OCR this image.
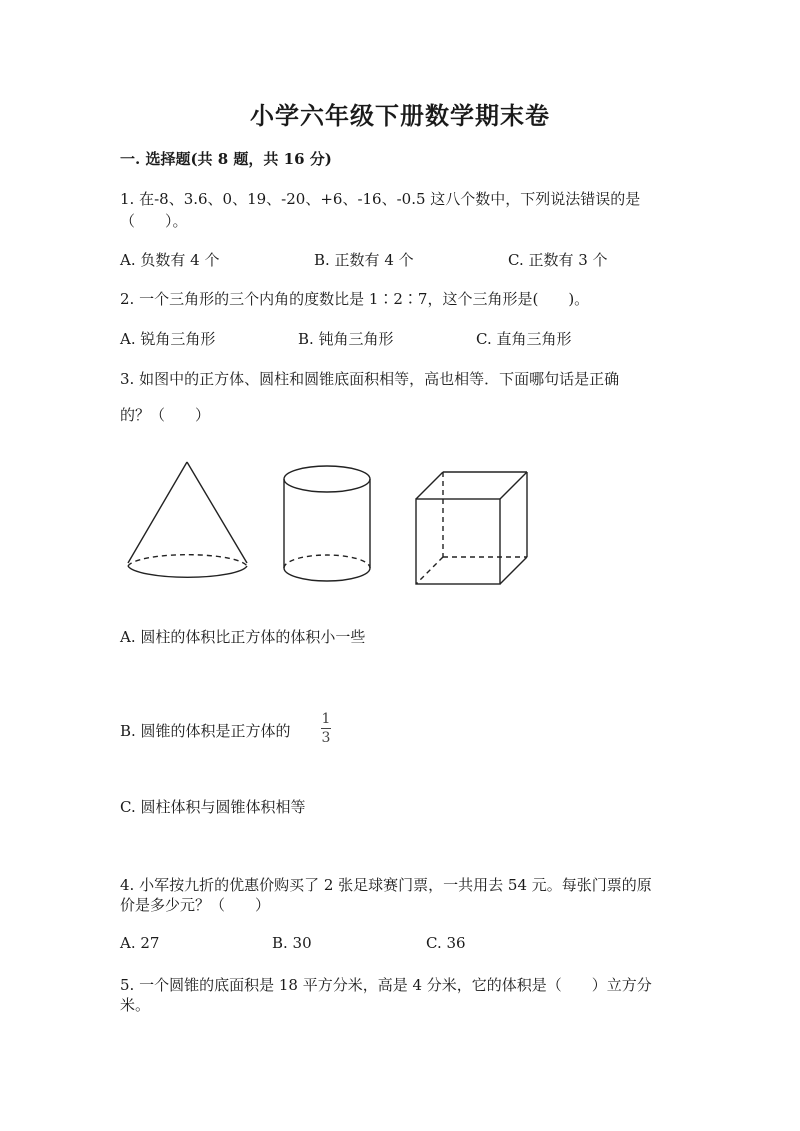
小学六年级下册数学期末卷
一. 选择题(共 8 题，共 16 分)
1. 在-8、3.6、0、19、-20、+6、-16、-0.5 这八个数中，下列说法错误的是
（　　）。
A. 负数有 4 个	B. 正数有 4 个	C. 正数有 3 个
2. 一个三角形的三个内角的度数比是 1∶2∶7，这个三角形是(　　)。
A. 锐角三角形	B. 钝角三角形	C. 直角三角形
3. 如图中的正方体、圆柱和圆锥底面积相等，高也相等．下面哪句话是正确
的？（　　）
A. 圆柱的体积比正方体的体积小一些
B. 圆锥的体积是正方体的
1
3
C. 圆柱体积与圆锥体积相等
4. 小军按九折的优惠价购买了 2 张足球赛门票，一共用去 54 元。每张门票的原
价是多少元？（　　）
A. 27	B. 30	C. 36
5. 一个圆锥的底面积是 18 平方分米，高是 4 分米，它的体积是（　　）立方分
米。
